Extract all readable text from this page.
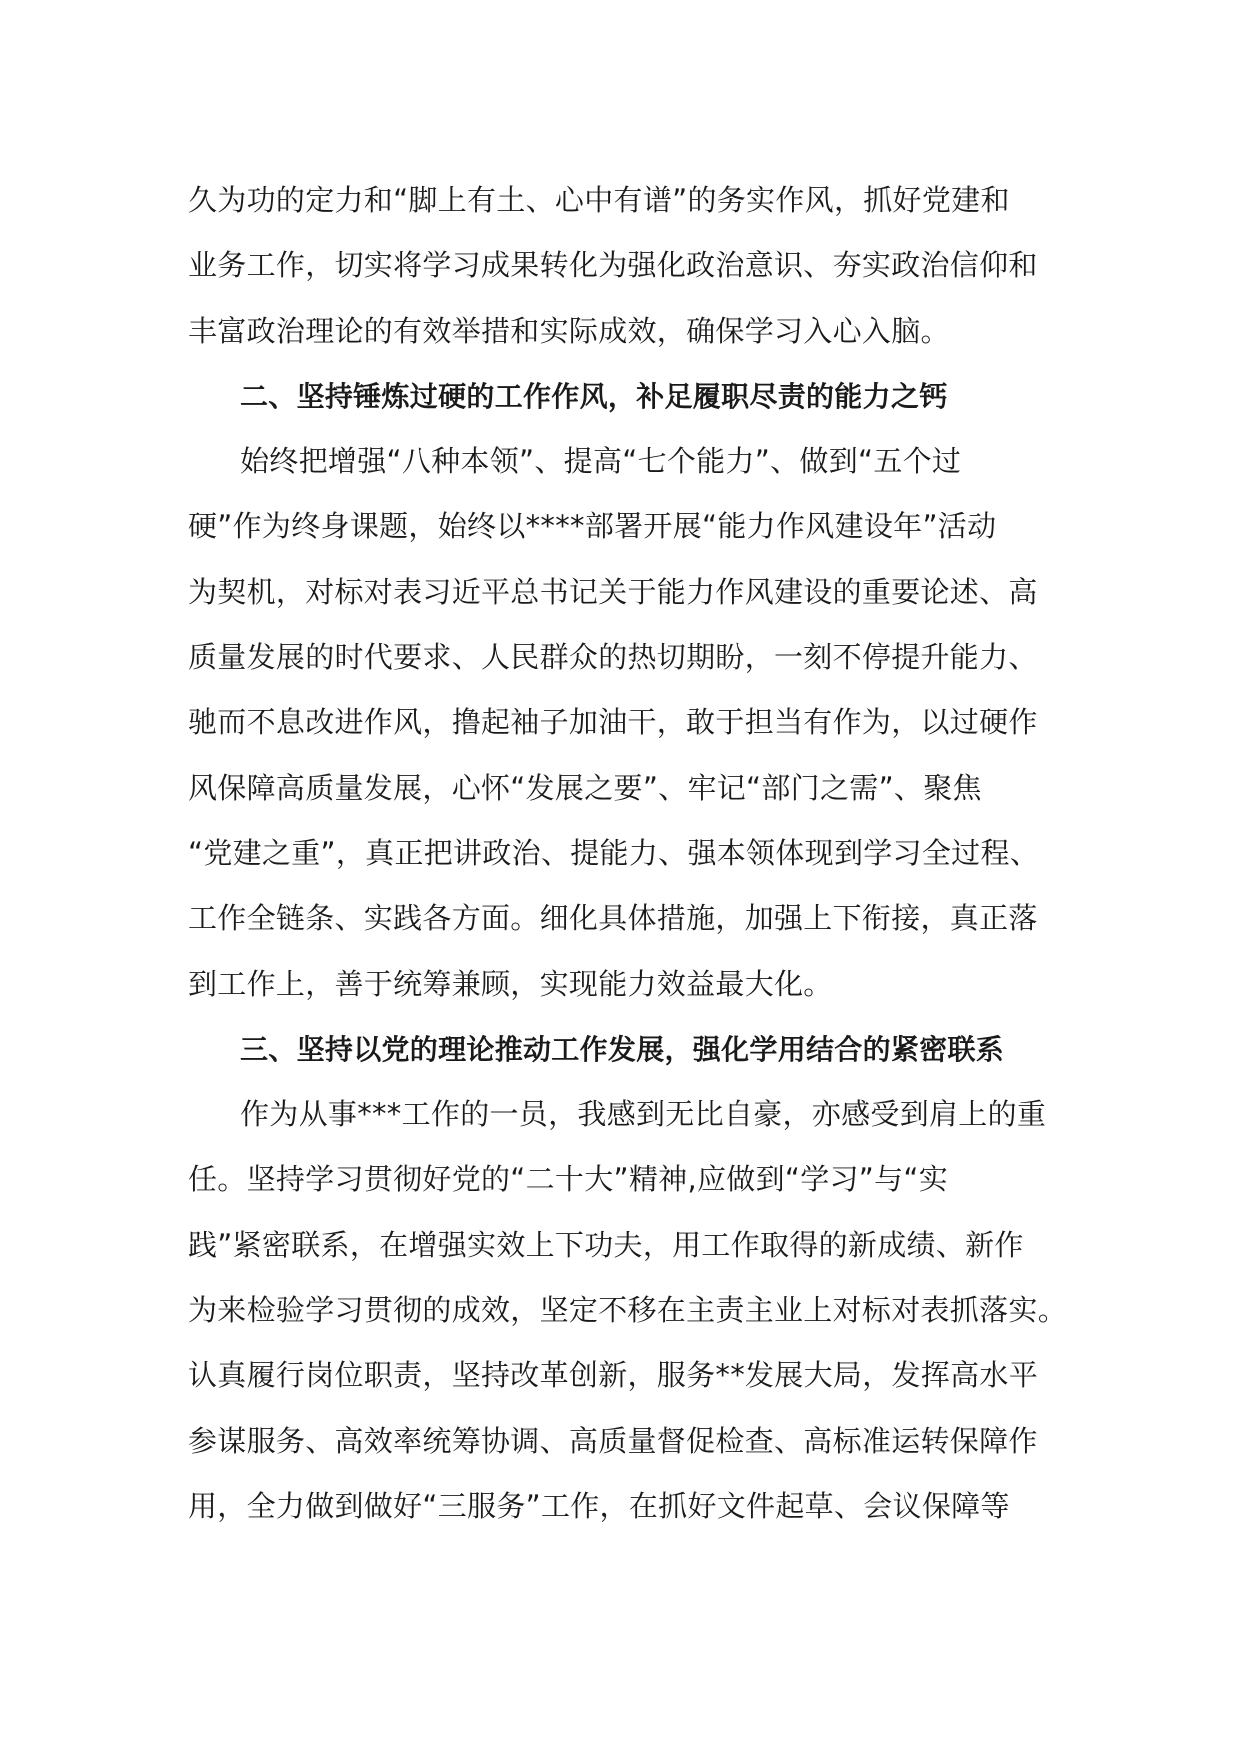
久为功的定力和“脚上有土、心中有谱”的务实作风，抓好党建和
业务工作，切实将学习成果转化为强化政治意识、夯实政治信仰和
丰富政治理论的有效举措和实际成效，确保学习入心入脑。
二、坚持锤炼过硬的工作作风，补足履职尽责的能力之钙
始终把增强“八种本领”、提高“七个能力”、做到“五个过
硬”作为终身课题，始终以****部署开展“能力作风建设年”活动
为契机，对标对表习近平总书记关于能力作风建设的重要论述、高
质量发展的时代要求、人民群众的热切期盼，一刻不停提升能力、
驰而不息改进作风，撸起袖子加油干，敢于担当有作为，以过硬作
风保障高质量发展，心怀“发展之要”、牢记“部门之需”、聚焦
“党建之重”，真正把讲政治、提能力、强本领体现到学习全过程、
工作全链条、实践各方面。细化具体措施，加强上下衔接，真正落
到工作上，善于统筹兼顾，实现能力效益最大化。
三、坚持以党的理论推动工作发展，强化学用结合的紧密联系
作为从事***工作的一员，我感到无比自豪，亦感受到肩上的重
任。坚持学习贯彻好党的“二十大”精神,应做到“学习”与“实
践”紧密联系，在增强实效上下功夫，用工作取得的新成绩、新作
为来检验学习贯彻的成效，坚定不移在主责主业上对标对表抓落实。
认真履行岗位职责，坚持改革创新，服务**发展大局，发挥高水平
参谋服务、高效率统筹协调、高质量督促检查、高标准运转保障作
用，全力做到做好“三服务”工作，在抓好文件起草、会议保障等
